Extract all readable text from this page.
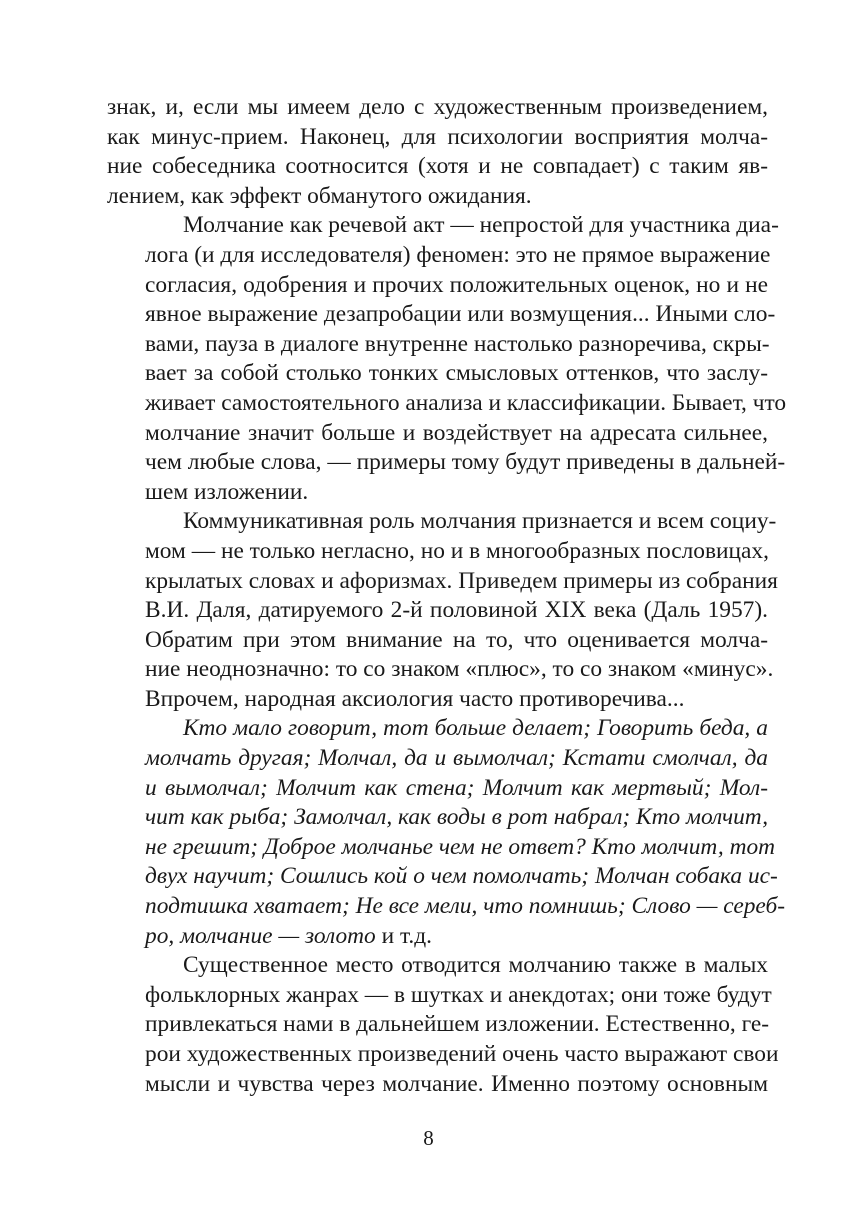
знак, и, если мы имеем дело с художественным произведением,
как минус-прием. Наконец, для психологии восприятия молча-
ние собеседника соотносится (хотя и не совпадает) с таким яв-
лением, как эффект обманутого ожидания.

Молчание как речевой акт — непростой для участника диа-
лога (и для исследователя) феномен: это не прямое выражение
согласия, одобрения и прочих положительных оценок, но и не
явное выражение дезапробации или возмущения... Иными сло-
вами, пауза в диалоге внутренне настолько разноречива, скры-
вает за собой столько тонких смысловых оттенков, что заслу-
живает самостоятельного анализа и классификации. Бывает, что
молчание значит больше и воздействует на адресата сильнее,
чем любые слова, — примеры тому будут приведены в дальней-
шем изложении.

Коммуникативная роль молчания признается и всем социу-
мом — не только негласно, но и в многообразных пословицах,
крылатых словах и афоризмах. Приведем примеры из собрания
В.И. Даля, датируемого 2-й половиной XIX века (Даль 1957).
Обратим при этом внимание на то, что оценивается молча-
ние неоднозначно: то со знаком «плюс», то со знаком «минус».
Впрочем, народная аксиология часто противоречива...

Кто мало говорит, тот больше делает; Говорить беда, а
молчать другая; Молчал, да и вымолчал; Кстати смолчал, да
и вымолчал; Молчит как стена; Молчит как мертвый; Мол-
чит как рыба; Замолчал, как воды в рот набрал; Кто молчит,
не грешит; Доброе молчанье чем не ответ? Кто молчит, тот
двух научит; Сошлись кой о чем помолчать; Молчан собака ис-
подтишка хватает; Не все мели, что помнишь; Слово — сереб-
ро, молчание — золото и т.д.

Существенное место отводится молчанию также в малых
фольклорных жанрах — в шутках и анекдотах; они тоже будут
привлекаться нами в дальнейшем изложении. Естественно, ге-
рои художественных произведений очень часто выражают свои
мысли и чувства через молчание. Именно поэтому основным

8
